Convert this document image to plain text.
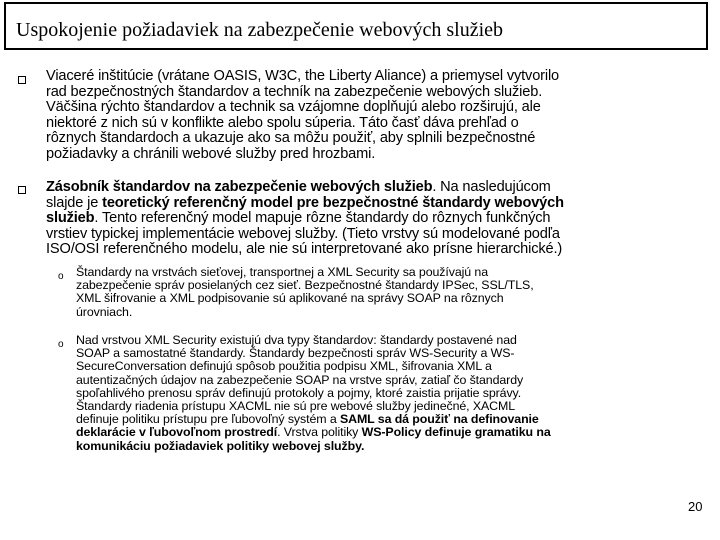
Uspokojenie požiadaviek na zabezpečenie webových služieb
Viaceré inštitúcie (vrátane OASIS, W3C, the Liberty Aliance) a priemysel vytvorilo
rad bezpečnostných štandardov a techník na zabezpečenie webových služieb.
Väčšina rýchto štandardov a technik sa vzájomne doplňujú alebo rozširujú, ale
niektoré z nich sú v konflikte alebo spolu súperia. Táto časť dáva prehľad o
rôznych štandardoch a ukazuje ako sa môžu použiť, aby splnili bezpečnostné
požiadavky a chránili webové služby pred hrozbami.
Zásobník štandardov na zabezpečenie webových služieb. Na nasledujúcom
slajde je teoretický referenčný model pre bezpečnostné štandardy webových
služieb. Tento referenčný model mapuje rôzne štandardy do rôznych funkčných
vrstiev typickej implementácie webovej služby. (Tieto vrstvy sú modelované podľa
ISO/OSI referenčného modelu, ale nie sú interpretované ako prísne hierarchické.)
o Štandardy na vrstvách sieťovej, transportnej a XML Security sa používajú na
zabezpečenie správ posielaných cez sieť. Bezpečnostné štandardy IPSec, SSL/TLS,
XML šifrovanie a XML podpisovanie sú aplikované na správy SOAP na rôznych
úrovniach.
o Nad vrstvou XML Security existujú dva typy štandardov: štandardy postavené nad
SOAP a samostatné štandardy. Štandardy bezpečnosti správ WS-Security a WS-
SecureConversation definujú spôsob použitia podpisu XML, šifrovania XML a
autentizačných údajov na zabezpečenie SOAP na vrstve správ, zatiaľ čo štandardy
spoľahlivého prenosu správ definujú protokoly a pojmy, ktoré zaistia prijatie správy.
Štandardy riadenia prístupu XACML nie sú pre webové služby jedinečné, XACML
definuje politiku prístupu pre ľubovoľný systém a SAML sa dá použiť na definovanie
deklarácie v ľubovoľnom prostredí. Vrstva politiky WS-Policy definuje gramatiku na
komunikáciu požiadaviek politiky webovej služby.
20
